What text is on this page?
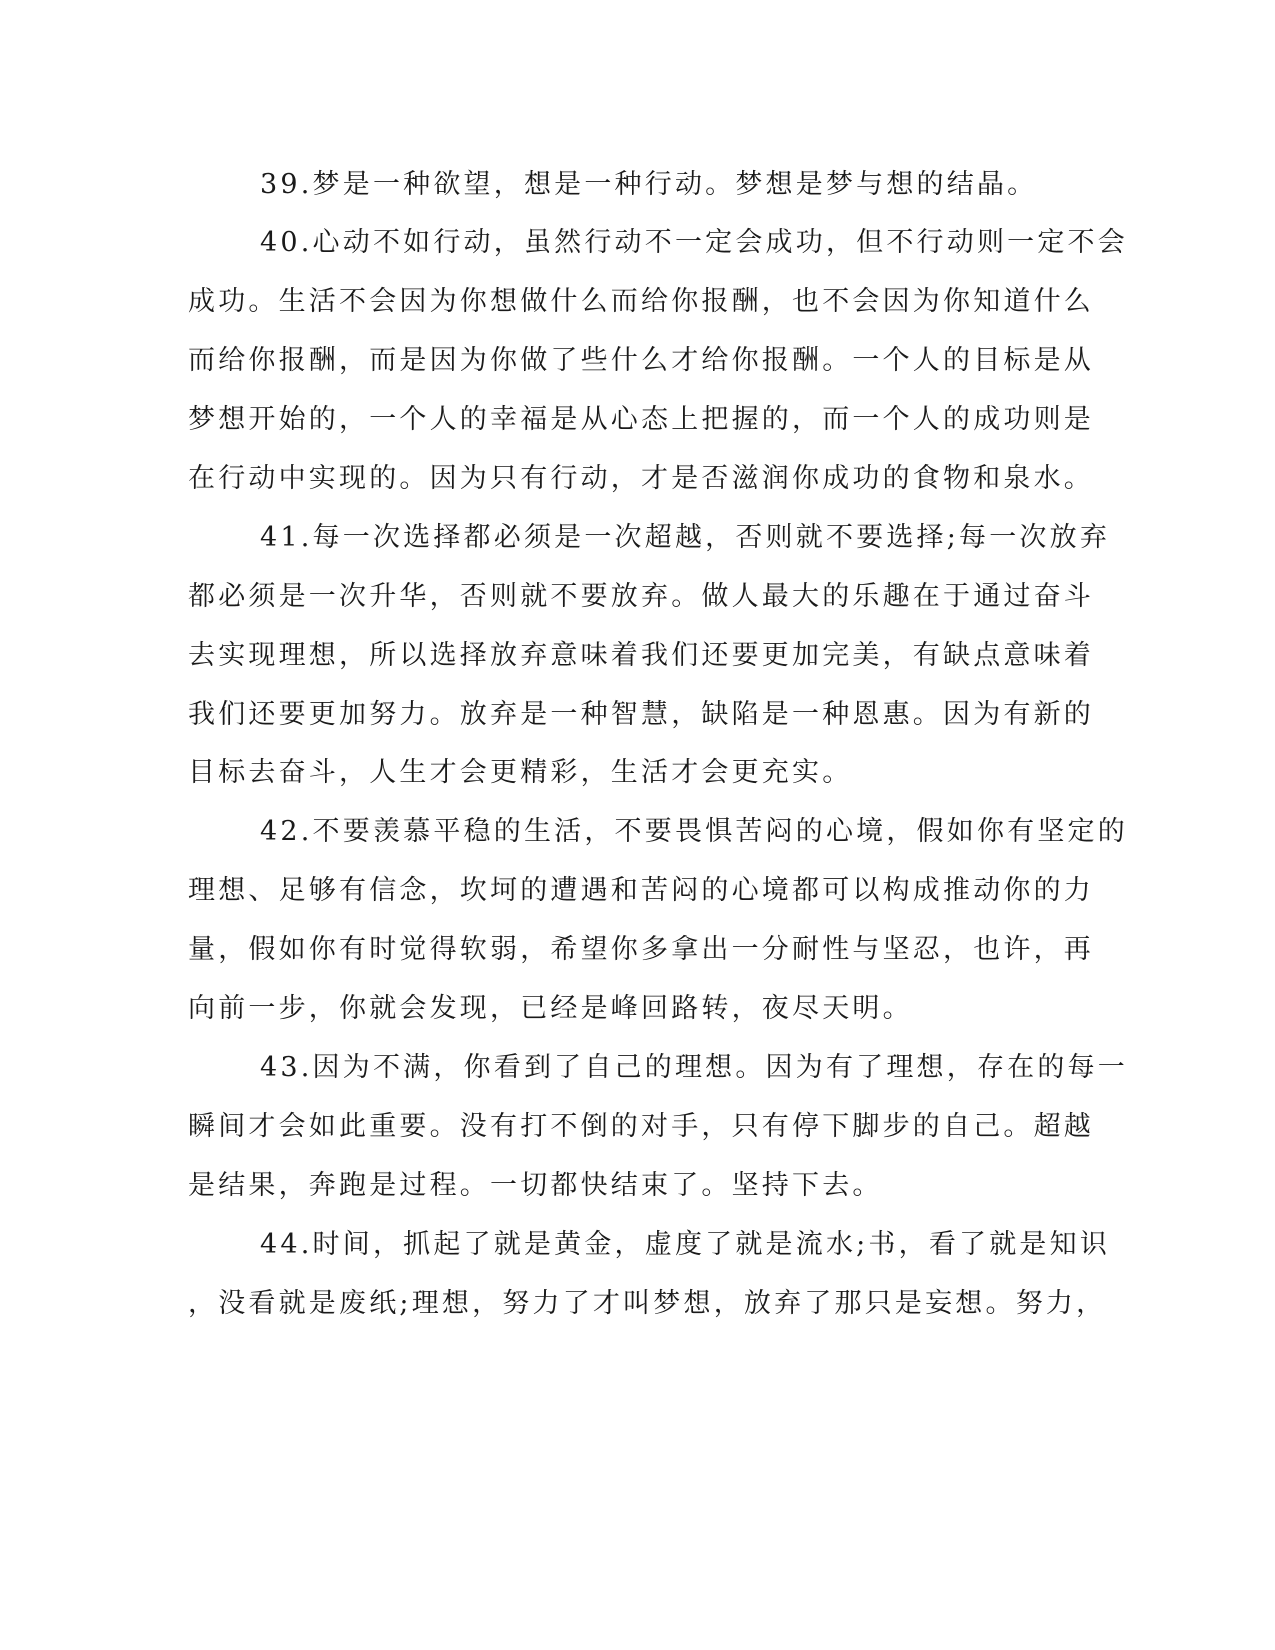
39.梦是一种欲望，想是一种行动。梦想是梦与想的结晶。
40.心动不如行动，虽然行动不一定会成功，但不行动则一定不会
成功。生活不会因为你想做什么而给你报酬，也不会因为你知道什么
而给你报酬，而是因为你做了些什么才给你报酬。一个人的目标是从
梦想开始的，一个人的幸福是从心态上把握的，而一个人的成功则是
在行动中实现的。因为只有行动，才是否滋润你成功的食物和泉水。
41.每一次选择都必须是一次超越，否则就不要选择;每一次放弃
都必须是一次升华，否则就不要放弃。做人最大的乐趣在于通过奋斗
去实现理想，所以选择放弃意味着我们还要更加完美，有缺点意味着
我们还要更加努力。放弃是一种智慧，缺陷是一种恩惠。因为有新的
目标去奋斗，人生才会更精彩，生活才会更充实。
42.不要羡慕平稳的生活，不要畏惧苦闷的心境，假如你有坚定的
理想、足够有信念，坎坷的遭遇和苦闷的心境都可以构成推动你的力
量，假如你有时觉得软弱，希望你多拿出一分耐性与坚忍，也许，再
向前一步，你就会发现，已经是峰回路转，夜尽天明。
43.因为不满，你看到了自己的理想。因为有了理想，存在的每一
瞬间才会如此重要。没有打不倒的对手，只有停下脚步的自己。超越
是结果，奔跑是过程。一切都快结束了。坚持下去。
44.时间，抓起了就是黄金，虚度了就是流水;书，看了就是知识
，没看就是废纸;理想，努力了才叫梦想，放弃了那只是妄想。努力，
